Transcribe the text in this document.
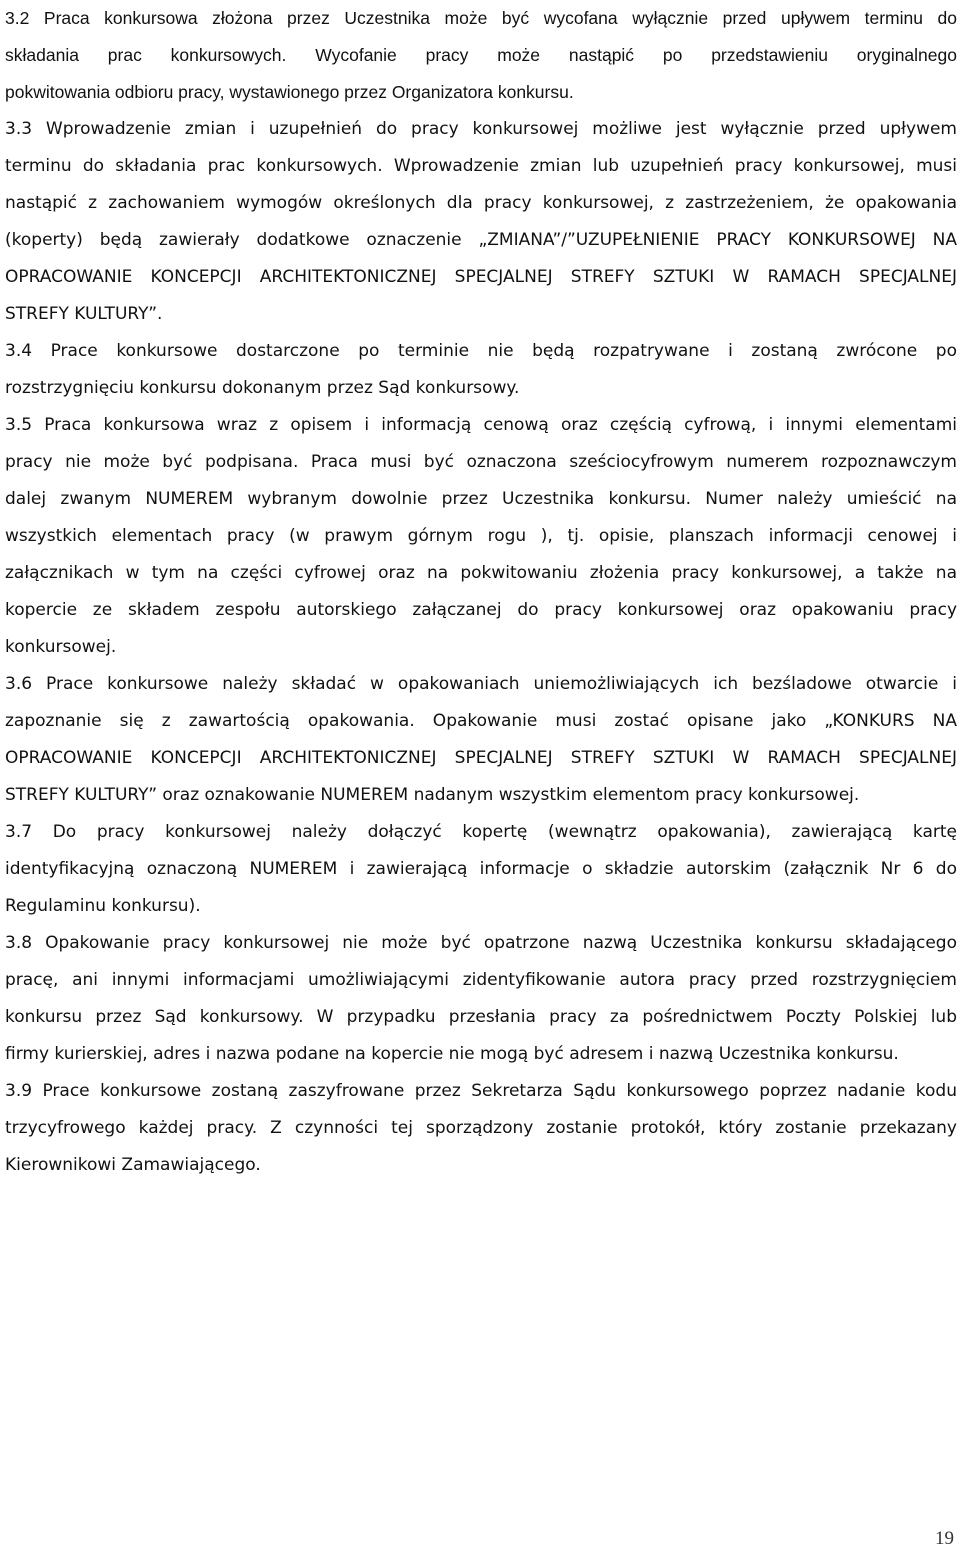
3.2 Praca konkursowa złożona przez Uczestnika może być wycofana wyłącznie przed upływem terminu do
składania prac konkursowych. Wycofanie pracy może nastąpić po przedstawieniu oryginalnego
pokwitowania odbioru pracy, wystawionego przez Organizatora konkursu.
3.3 Wprowadzenie zmian i uzupełnień do pracy konkursowej możliwe jest wyłącznie przed upływem
terminu do składania prac konkursowych. Wprowadzenie zmian lub uzupełnień pracy konkursowej, musi
nastąpić z zachowaniem wymogów określonych dla pracy konkursowej, z zastrzeżeniem, że opakowania
(koperty) będą zawierały dodatkowe oznaczenie „ZMIANA”/”UZUPEŁNIENIE PRACY KONKURSOWEJ NA
OPRACOWANIE KONCEPCJI ARCHITEKTONICZNEJ SPECJALNEJ STREFY SZTUKI W RAMACH SPECJALNEJ
STREFY KULTURY”.
3.4 Prace konkursowe dostarczone po terminie nie będą rozpatrywane i zostaną zwrócone po
rozstrzygnięciu konkursu dokonanym przez Sąd konkursowy.
3.5 Praca konkursowa wraz z opisem i informacją cenową oraz częścią cyfrową, i innymi elementami
pracy nie może być podpisana. Praca musi być oznaczona sześciocyfrowym numerem rozpoznawczym
dalej zwanym NUMEREM wybranym dowolnie przez Uczestnika konkursu. Numer należy umieścić na
wszystkich elementach pracy (w prawym górnym rogu ), tj. opisie, planszach informacji cenowej i
załącznikach w tym na części cyfrowej oraz na pokwitowaniu złożenia pracy konkursowej, a także na
kopercie ze składem zespołu autorskiego załączanej do pracy konkursowej oraz opakowaniu pracy
konkursowej.
3.6 Prace konkursowe należy składać w opakowaniach uniemożliwiających ich bezśladowe otwarcie i
zapoznanie się z zawartością opakowania. Opakowanie musi zostać opisane jako „KONKURS NA
OPRACOWANIE KONCEPCJI ARCHITEKTONICZNEJ SPECJALNEJ STREFY SZTUKI W RAMACH SPECJALNEJ
STREFY KULTURY” oraz oznakowanie NUMEREM nadanym wszystkim elementom pracy konkursowej.
3.7 Do pracy konkursowej należy dołączyć kopertę (wewnątrz opakowania), zawierającą kartę
identyfikacyjną oznaczoną NUMEREM i zawierającą informacje o składzie autorskim (załącznik Nr 6 do
Regulaminu konkursu).
3.8 Opakowanie pracy konkursowej nie może być opatrzone nazwą Uczestnika konkursu składającego
pracę, ani innymi informacjami umożliwiającymi zidentyfikowanie autora pracy przed rozstrzygnięciem
konkursu przez Sąd konkursowy. W przypadku przesłania pracy za pośrednictwem Poczty Polskiej lub
firmy kurierskiej, adres i nazwa podane na kopercie nie mogą być adresem i nazwą Uczestnika konkursu.
3.9 Prace konkursowe zostaną zaszyfrowane przez Sekretarza Sądu konkursowego poprzez nadanie kodu
trzycyfrowego każdej pracy. Z czynności tej sporządzony zostanie protokół, który zostanie przekazany
Kierownikowi Zamawiającego.
19
